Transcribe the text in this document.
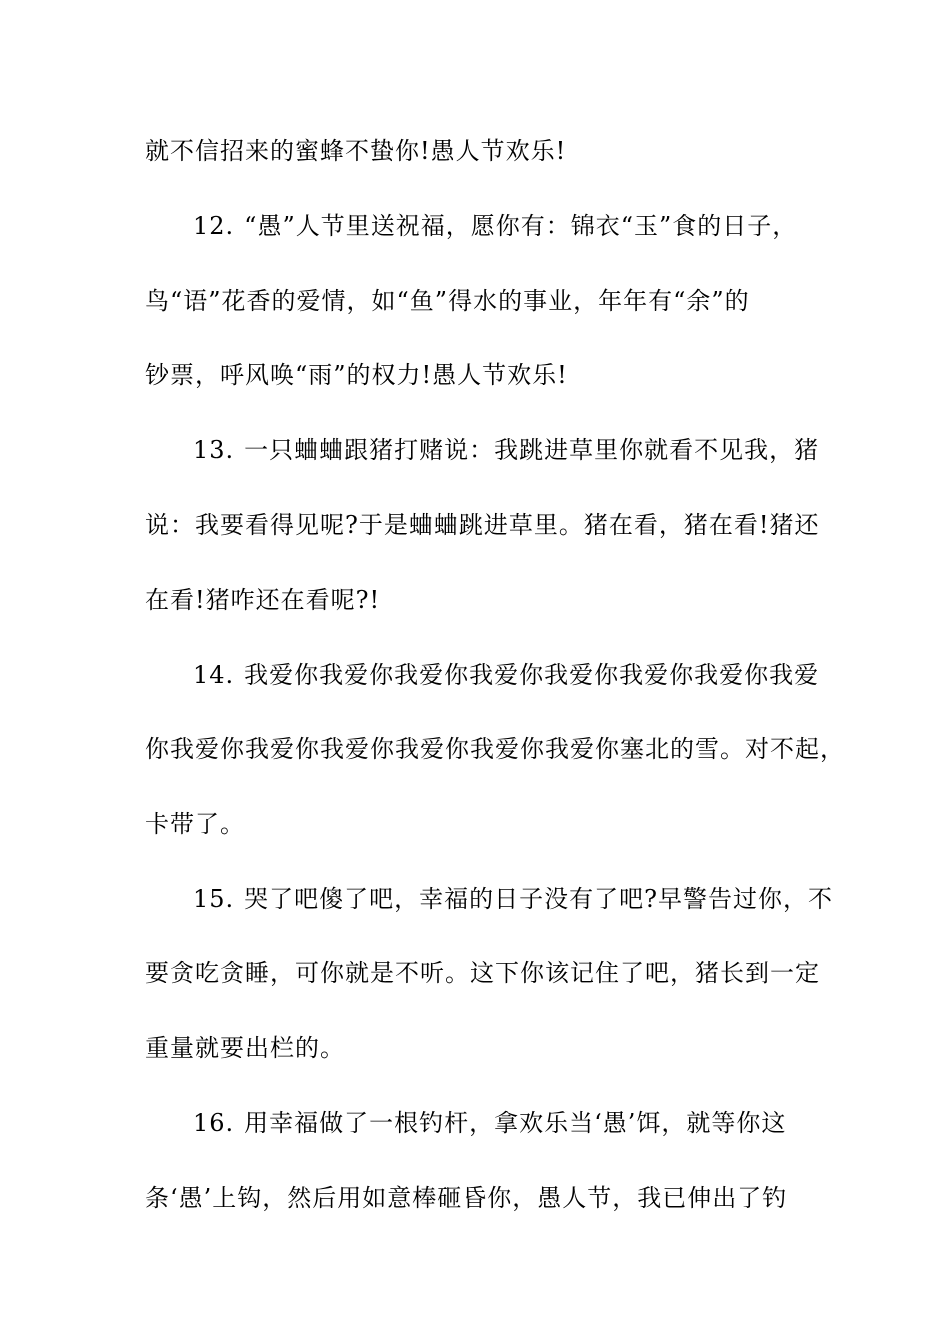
就不信招来的蜜蜂不蛰你!愚人节欢乐!
12. “愚”人节里送祝福，愿你有：锦衣“玉”食的日子，
鸟“语”花香的爱情，如“鱼”得水的事业，年年有“余”的
钞票，呼风唤“雨”的权力!愚人节欢乐!
13. 一只蛐蛐跟猪打赌说：我跳进草里你就看不见我，猪
说：我要看得见呢?于是蛐蛐跳进草里。猪在看，猪在看!猪还
在看!猪咋还在看呢?!
14. 我爱你我爱你我爱你我爱你我爱你我爱你我爱你我爱
你我爱你我爱你我爱你我爱你我爱你我爱你塞北的雪。对不起，
卡带了。
15. 哭了吧傻了吧，幸福的日子没有了吧?早警告过你，不
要贪吃贪睡，可你就是不听。这下你该记住了吧，猪长到一定
重量就要出栏的。
16. 用幸福做了一根钓杆，拿欢乐当‘愚’饵，就等你这
条‘愚’上钩，然后用如意棒砸昏你，愚人节，我已伸出了钓
